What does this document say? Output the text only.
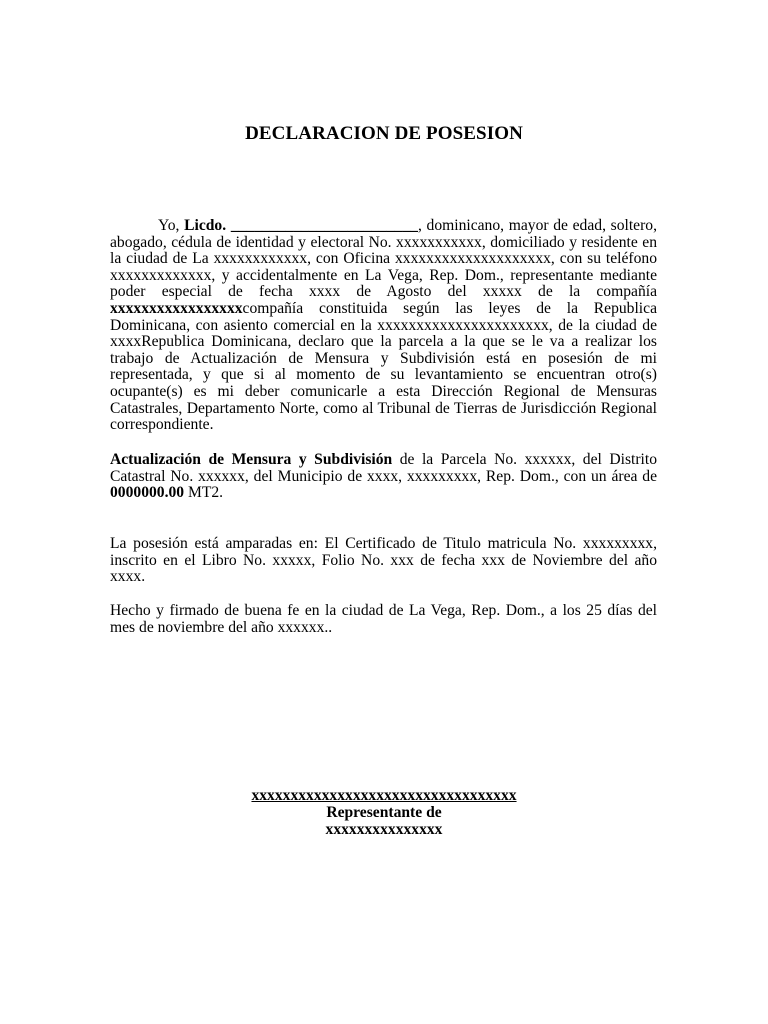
DECLARACION DE POSESION
Yo, Licdo. ________________________, dominicano, mayor de edad, soltero, abogado, cédula de identidad y electoral No. xxxxxxxxxxx, domiciliado y residente en la ciudad de La xxxxxxxxxxxx, con Oficina xxxxxxxxxxxxxxxxxxxx, con su teléfono xxxxxxxxxxxxx, y accidentalmente en La Vega, Rep. Dom., representante mediante poder especial de fecha xxxx de Agosto del xxxxx de la compañía xxxxxxxxxxxxxxxxxcompañía constituida según las leyes de la Republica Dominicana, con asiento comercial en la xxxxxxxxxxxxxxxxxxxxxx, de la ciudad de xxxxRepublica Dominicana, declaro que la parcela a la que se le va a realizar los trabajo de Actualización de Mensura y Subdivisión está en posesión de mi representada, y que si al momento de su levantamiento se encuentran otro(s) ocupante(s) es mi deber comunicarle a esta Dirección Regional de Mensuras Catastrales, Departamento Norte, como al Tribunal de Tierras de Jurisdicción Regional correspondiente.
Actualización de Mensura y Subdivisión de la Parcela No. xxxxxx, del Distrito Catastral No. xxxxxx, del Municipio de xxxx, xxxxxxxxx, Rep. Dom., con un área de 0000000.00 MT2.
La posesión está amparadas en: El Certificado de Titulo matricula No. xxxxxxxxx, inscrito en el Libro No. xxxxx, Folio No. xxx de fecha xxx de Noviembre del año xxxx.
Hecho y firmado de buena fe en la ciudad de La Vega, Rep. Dom., a los 25 días del mes de noviembre del año xxxxxx..
xxxxxxxxxxxxxxxxxxxxxxxxxxxxxxxxxx
Representante de
xxxxxxxxxxxxxxx
